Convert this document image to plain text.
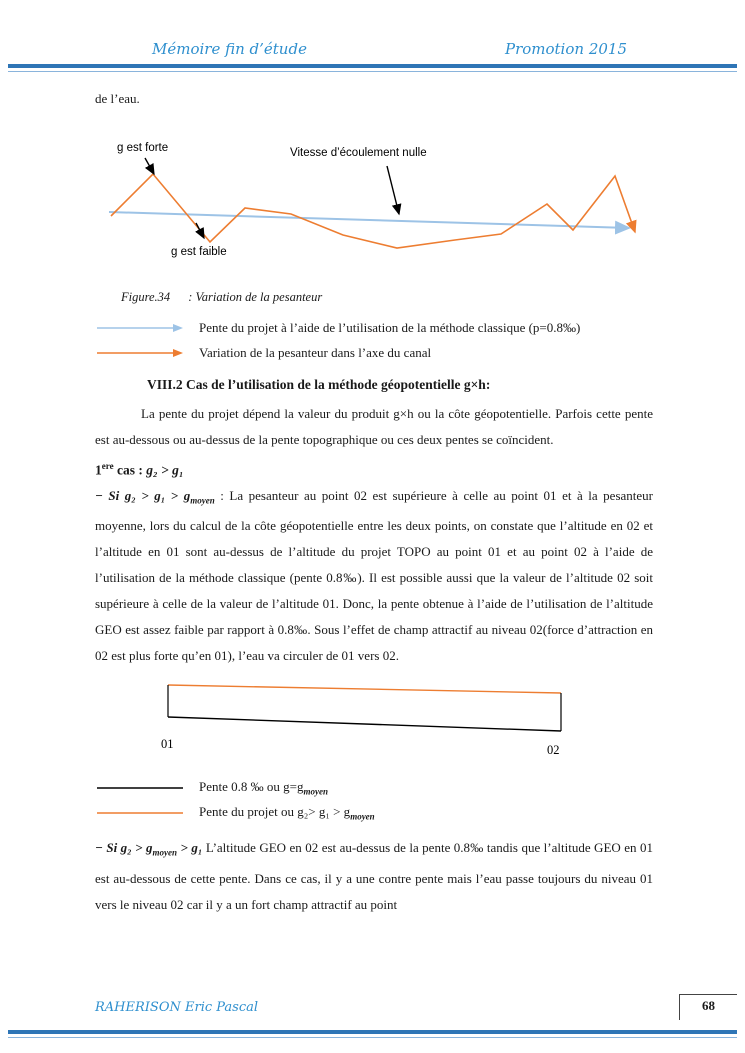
Mémoire fin d’étude	Promotion 2015

de l’eau.

g est forte	Vitesse d’écoulement nulle
g est faible

Figure.34 : Variation de la pesanteur

Pente du projet à l’aide de l’utilisation de la méthode classique (p=0.8‰)
Variation de la pesanteur dans l’axe du canal
VIII.2 Cas de l’utilisation de la méthode géopotentielle g×h:

La pente du projet dépend la valeur du produit g×h ou la côte géopotentielle. Parfois cette pente est au-dessous ou au-dessus de la pente topographique ou ces deux pentes se coïncident.

1ere cas : g₂ > g₁

− Si $g_2 > g_1 > g_{moyen}$ : La pesanteur au point 02 est supérieure à celle au point 01 et à la pesanteur moyenne, lors du calcul de la côte géopotentielle entre les deux points, on constate que l’altitude en 02 et l’altitude en 01 sont au-dessus de l’altitude du projet TOPO au point 01 et au point 02 à l’aide de l’utilisation de la méthode classique (pente 0.8‰). Il est possible aussi que la valeur de l’altitude 02 soit supérieure à celle de la valeur de l’altitude 01. Donc, la pente obtenue à l’aide de l’utilisation de l’altitude GEO est assez faible par rapport à 0.8‰. Sous l’effet de champ attractif au niveau 02(force d’attraction en 02 est plus forte qu’en 01), l’eau va circuler de 01 vers 02.

01	02
Pente 0.8 ‰ ou $g=g_{moyen}$
Pente du projet ou $g_2> g_1 > g_{moyen}$

− Si $g_2 > g_{moyen} > g_1$ L’altitude GEO en 02 est au-dessus de la pente 0.8‰ tandis que l’altitude GEO en 01 est au-dessous de cette pente. Dans ce cas, il y a une contre pente mais l’eau passe toujours du niveau 01 vers le niveau 02 car il y a un fort champ attractif au point

RAHERISON Eric Pascal	68
